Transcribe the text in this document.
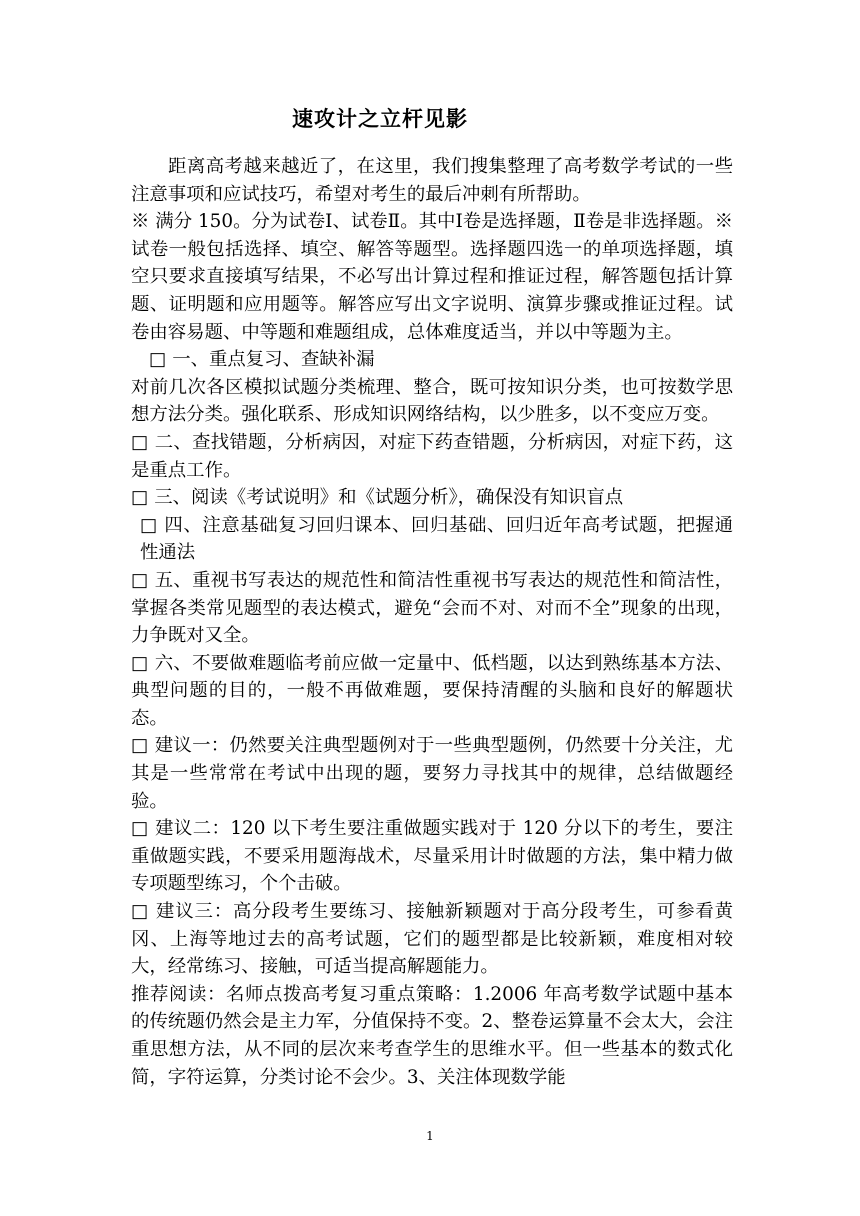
速攻计之立杆见影

距离高考越来越近了，在这里，我们搜集整理了高考数学考试的一些注意事项和应试技巧，希望对考生的最后冲刺有所帮助。

※ 满分 150。分为试卷Ⅰ、试卷Ⅱ。其中Ⅰ卷是选择题，Ⅱ卷是非选择题。※ 试卷一般包括选择、填空、解答等题型。选择题四选一的单项选择题，填空只要求直接填写结果，不必写出计算过程和推证过程，解答题包括计算题、证明题和应用题等。解答应写出文字说明、演算步骤或推证过程。试卷由容易题、中等题和难题组成，总体难度适当，并以中等题为主。

□ 一、重点复习、查缺补漏

对前几次各区模拟试题分类梳理、整合，既可按知识分类，也可按数学思想方法分类。强化联系、形成知识网络结构，以少胜多，以不变应万变。

□ 二、查找错题，分析病因，对症下药查错题，分析病因，对症下药，这是重点工作。

□ 三、阅读《考试说明》和《试题分析》，确保没有知识盲点

□ 四、注意基础复习回归课本、回归基础、回归近年高考试题，把握通性通法

□ 五、重视书写表达的规范性和简洁性重视书写表达的规范性和简洁性，掌握各类常见题型的表达模式，避免“会而不对、对而不全”现象的出现，力争既对又全。

□ 六、不要做难题临考前应做一定量中、低档题，以达到熟练基本方法、典型问题的目的，一般不再做难题，要保持清醒的头脑和良好的解题状态。

□ 建议一：仍然要关注典型题例对于一些典型题例，仍然要十分关注，尤其是一些常常在考试中出现的题，要努力寻找其中的规律，总结做题经验。

□ 建议二：120 以下考生要注重做题实践对于 120 分以下的考生，要注重做题实践，不要采用题海战术，尽量采用计时做题的方法，集中精力做专项题型练习，个个击破。

□ 建议三：高分段考生要练习、接触新颖题对于高分段考生，可参看黄冈、上海等地过去的高考试题，它们的题型都是比较新颖，难度相对较大，经常练习、接触，可适当提高解题能力。

推荐阅读：名师点拨高考复习重点策略：1.2006 年高考数学试题中基本的传统题仍然会是主力军，分值保持不变。2、整卷运算量不会太大，会注重思想方法，从不同的层次来考查学生的思维水平。但一些基本的数式化简，字符运算，分类讨论不会少。3、关注体现数学能

1
